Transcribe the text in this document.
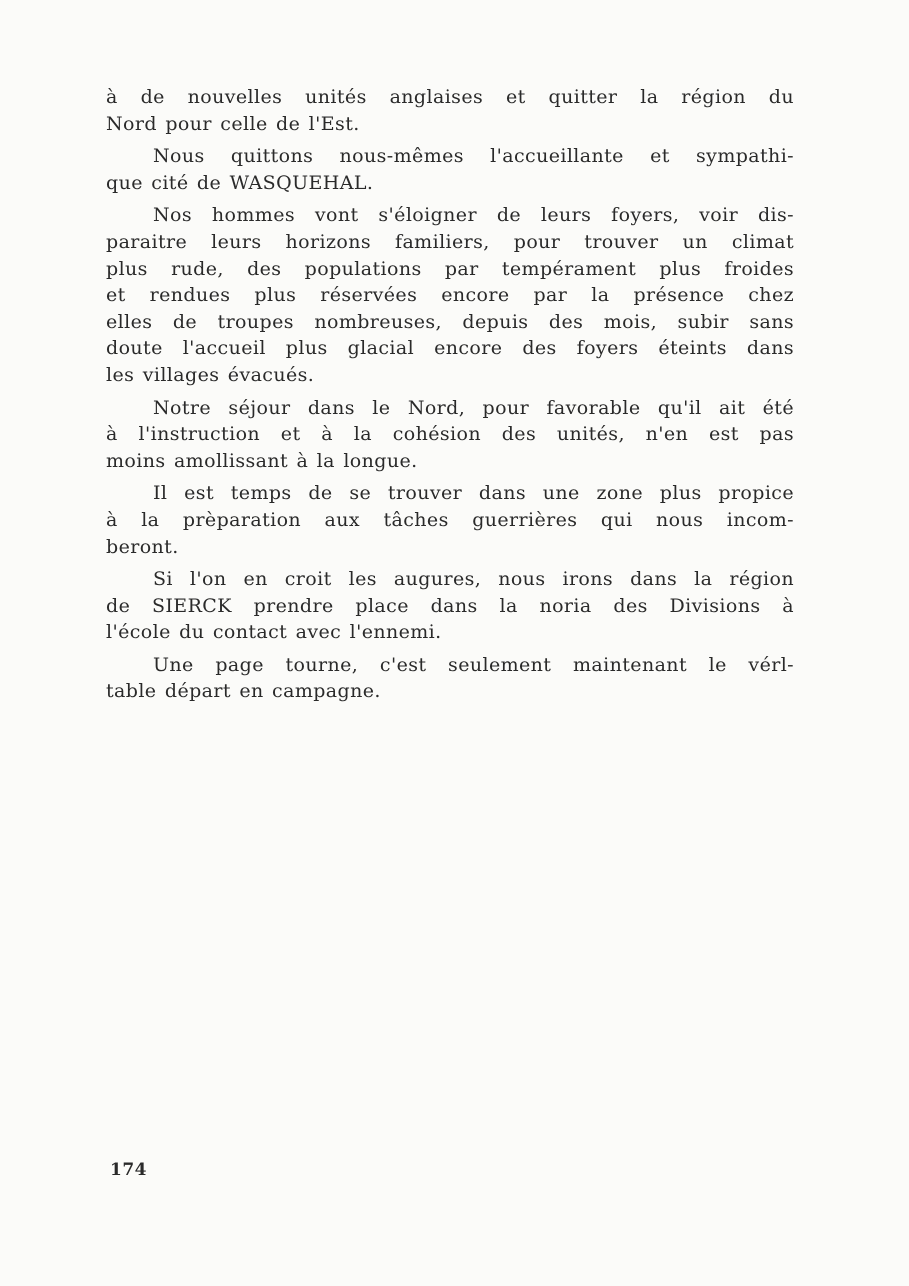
à de nouvelles unités anglaises et quitter la région du
Nord pour celle de l'Est.
Nous quittons nous-mêmes l'accueillante et sympathi-
que cité de WASQUEHAL.
Nos hommes vont s'éloigner de leurs foyers, voir dis-
paraitre leurs horizons familiers, pour trouver un climat
plus rude, des populations par tempérament plus froides
et rendues plus réservées encore par la présence chez
elles de troupes nombreuses, depuis des mois, subir sans
doute l'accueil plus glacial encore des foyers éteints dans
les villages évacués.
Notre séjour dans le Nord, pour favorable qu'il ait été
à l'instruction et à la cohésion des unités, n'en est pas
moins amollissant à la longue.
Il est temps de se trouver dans une zone plus propice
à la prèparation aux tâches guerrières qui nous incom-
beront.
Si l'on en croit les augures, nous irons dans la région
de SIERCK prendre place dans la noria des Divisions à
l'école du contact avec l'ennemi.
Une page tourne, c'est seulement maintenant le vérl-
table départ en campagne.
174
